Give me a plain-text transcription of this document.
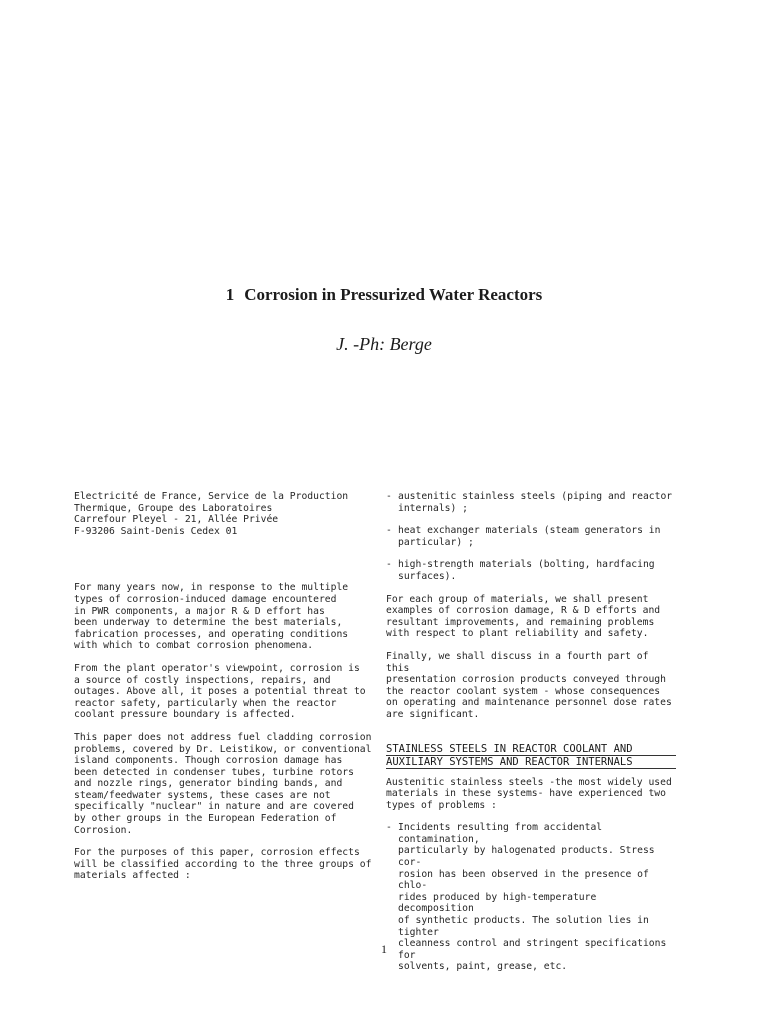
1 Corrosion in Pressurized Water Reactors
J. -Ph: Berge

Electricité de France, Service de la Production
Thermique, Groupe des Laboratoires
Carrefour Pleyel - 21, Allée Privée
F-93206 Saint-Denis Cedex 01

For many years now, in response to the multiple
types of corrosion-induced damage encountered
in PWR components, a major R & D effort has
been underway to determine the best materials,
fabrication processes, and operating conditions
with which to combat corrosion phenomena.

From the plant operator's viewpoint, corrosion is
a source of costly inspections, repairs, and
outages. Above all, it poses a potential threat to
reactor safety, particularly when the reactor
coolant pressure boundary is affected.

This paper does not address fuel cladding corrosion
problems, covered by Dr. Leistikow, or conventional
island components. Though corrosion damage has
been detected in condenser tubes, turbine rotors
and nozzle rings, generator binding bands, and
steam/feedwater systems, these cases are not
specifically "nuclear" in nature and are covered
by other groups in the European Federation of
Corrosion.

For the purposes of this paper, corrosion effects
will be classified according to the three groups of
materials affected :

- austenitic stainless steels (piping and reactor
internals) ;
- heat exchanger materials (steam generators in
particular) ;
- high-strength materials (bolting, hardfacing
surfaces).

For each group of materials, we shall present
examples of corrosion damage, R & D efforts and
resultant improvements, and remaining problems
with respect to plant reliability and safety.

Finally, we shall discuss in a fourth part of this
presentation corrosion products conveyed through
the reactor coolant system - whose consequences
on operating and maintenance personnel dose rates
are significant.

STAINLESS STEELS IN REACTOR COOLANT AND
AUXILIARY SYSTEMS AND REACTOR INTERNALS

Austenitic stainless steels -the most widely used
materials in these systems- have experienced two
types of problems :

- Incidents resulting from accidental contamination,
particularly by halogenated products. Stress cor-
rosion has been observed in the presence of chlo-
rides produced by high-temperature decomposition
of synthetic products. The solution lies in tighter
cleanness control and stringent specifications for
solvents, paint, grease, etc.
1
